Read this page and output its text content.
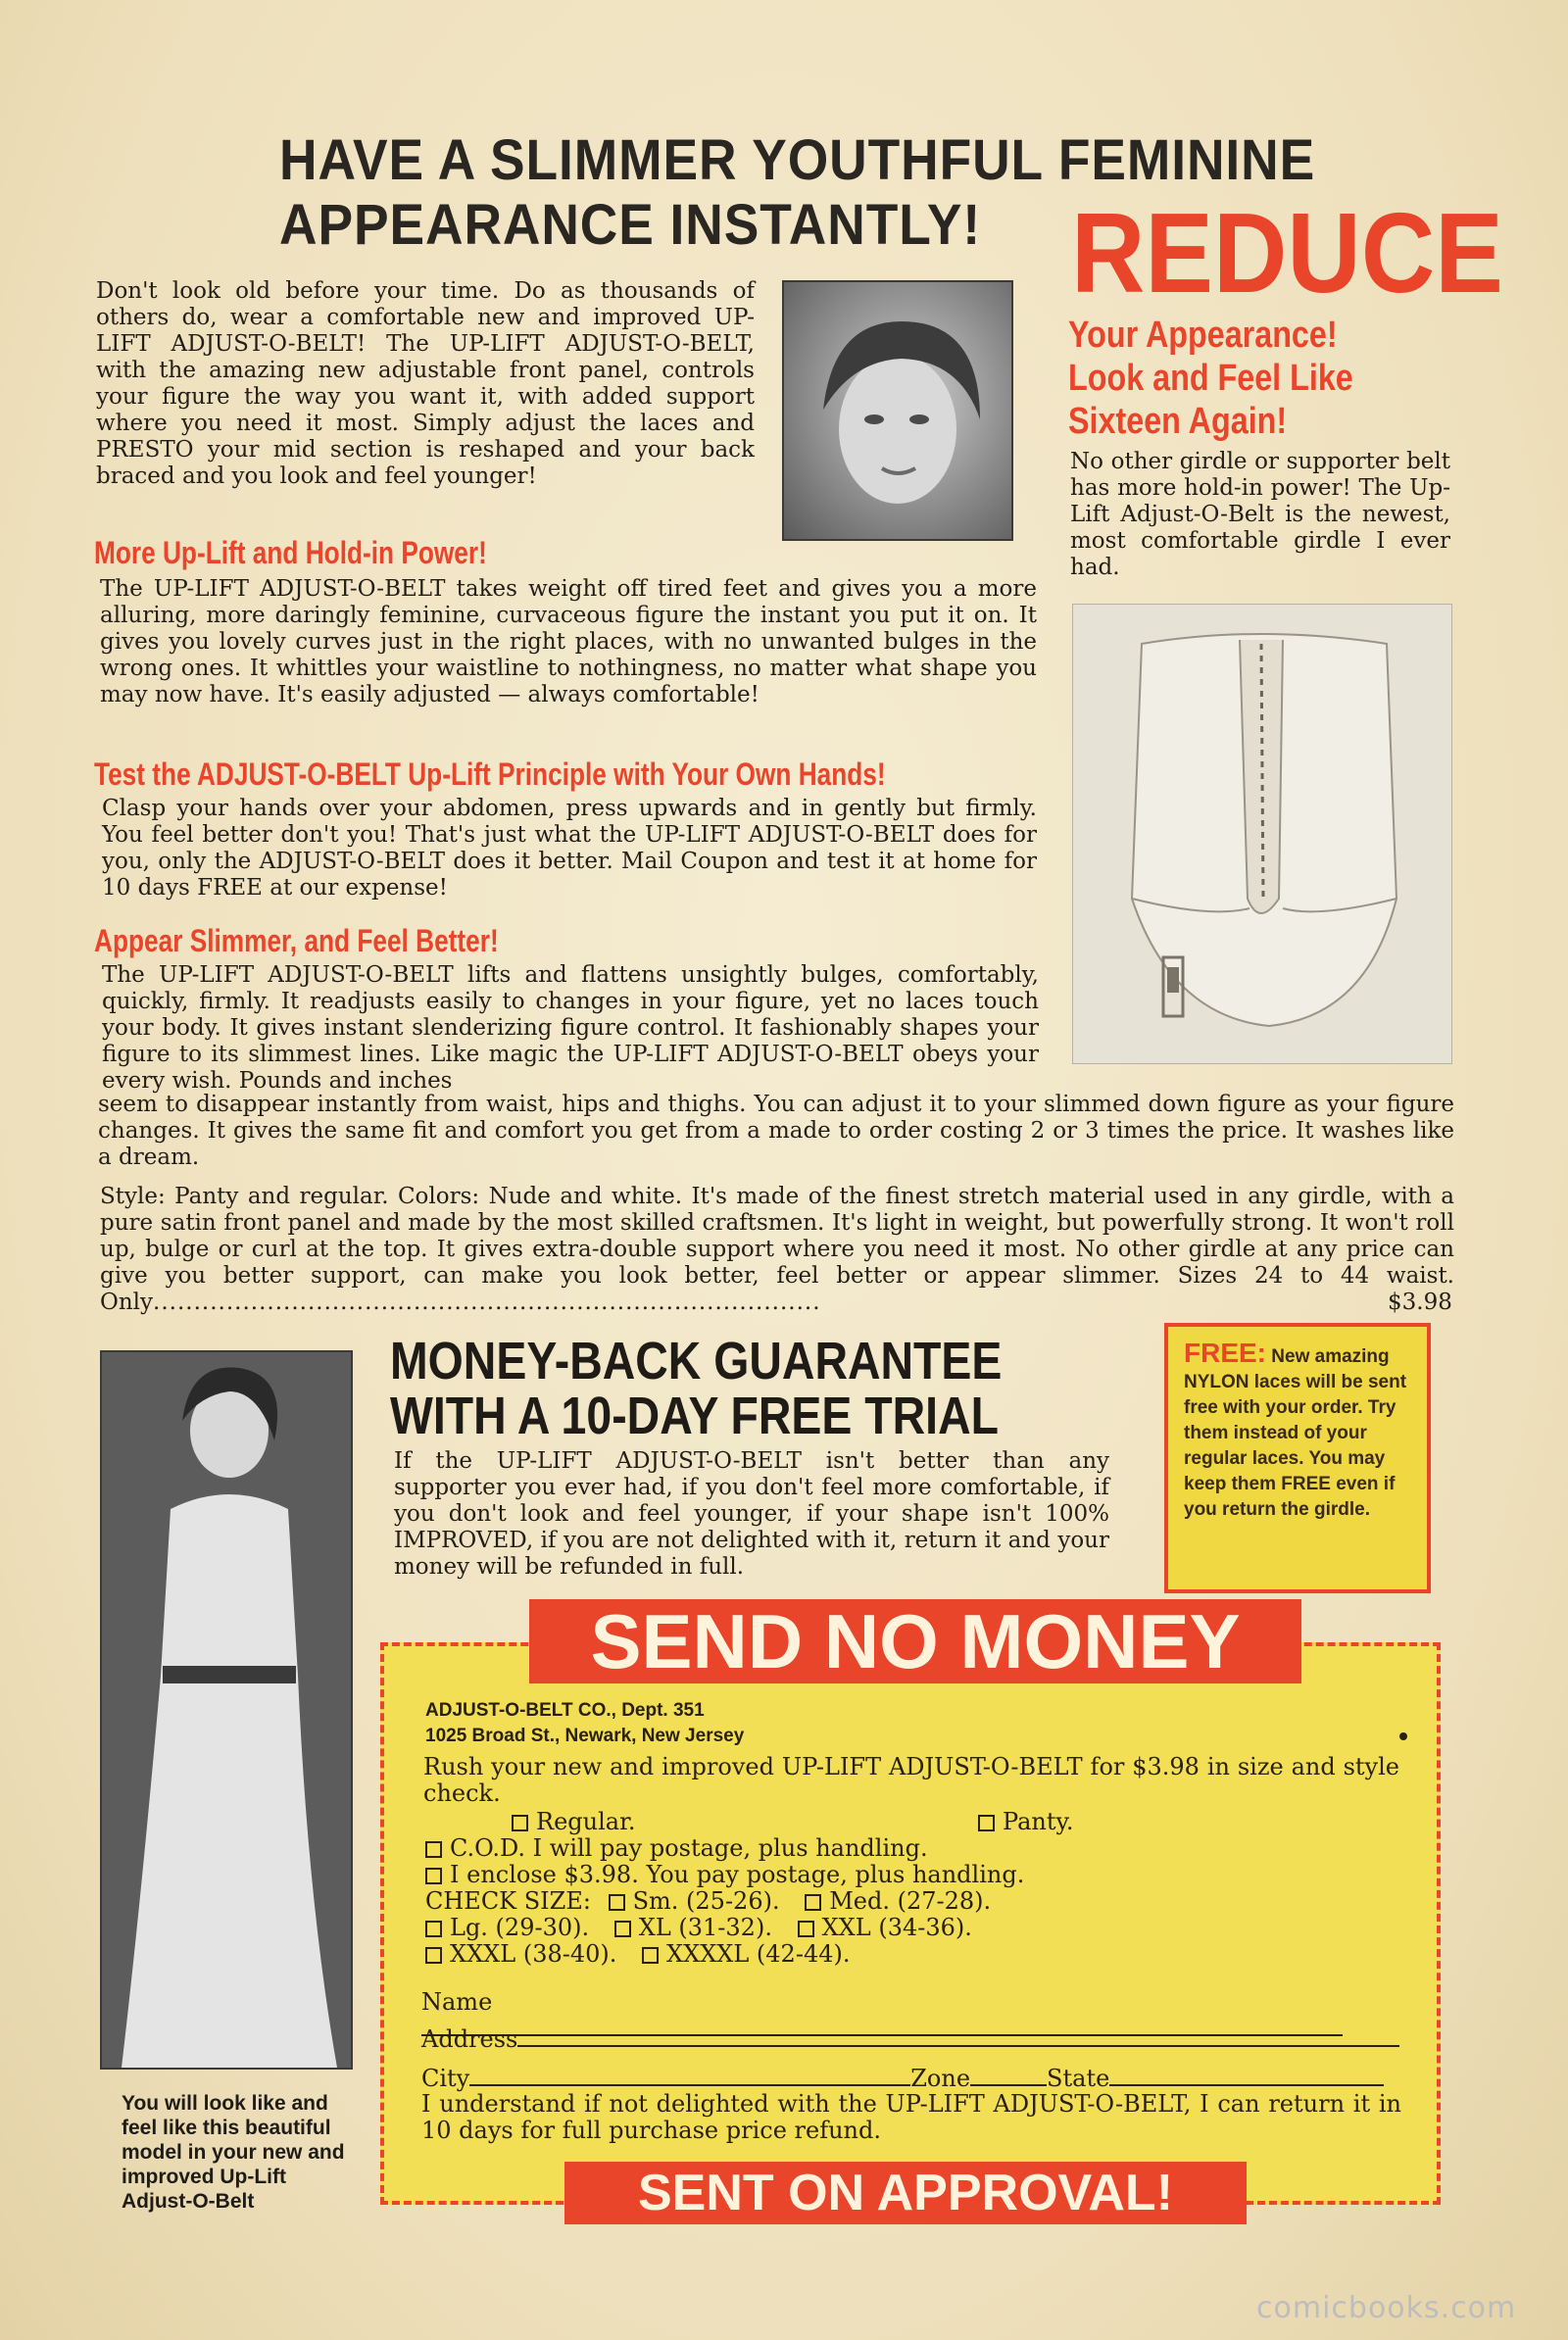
HAVE A SLIMMER YOUTHFUL FEMININE
APPEARANCE INSTANTLY! REDUCE
Your Appearance!
Look and Feel Like
Sixteen Again!
No other girdle or supporter belt has more hold-in power! The Up-Lift Adjust-O-Belt is the newest, most comfortable girdle I ever had.
Don't look old before your time. Do as thousands of others do, wear a comfortable new and improved UP-LIFT ADJUST-O-BELT! The UP-LIFT ADJUST-O-BELT, with the amazing new adjustable front panel, controls your figure the way you want it, with added support where you need it most. Simply adjust the laces and PRESTO your mid section is reshaped and your back braced and you look and feel younger!
More Up-Lift and Hold-in Power!
The UP-LIFT ADJUST-O-BELT takes weight off tired feet and gives you a more alluring, more daringly feminine, curvaceous figure the instant you put it on. It gives you lovely curves just in the right places, with no unwanted bulges in the wrong ones. It whittles your waistline to nothingness, no matter what shape you may now have. It's easily adjusted — always comfortable!
Test the ADJUST-O-BELT Up-Lift Principle with Your Own Hands!
Clasp your hands over your abdomen, press upwards and in gently but firmly. You feel better don't you! That's just what the UP-LIFT ADJUST-O-BELT does for you, only the ADJUST-O-BELT does it better. Mail Coupon and test it at home for 10 days FREE at our expense!
Appear Slimmer, and Feel Better!
The UP-LIFT ADJUST-O-BELT lifts and flattens unsightly bulges, comfortably, quickly, firmly. It readjusts easily to changes in your figure, yet no laces touch your body. It gives instant slenderizing figure control. It fashionably shapes your figure to its slimmest lines. Like magic the UP-LIFT ADJUST-O-BELT obeys your every wish. Pounds and inches
seem to disappear instantly from waist, hips and thighs. You can adjust it to your slimmed down figure as your figure changes. It gives the same fit and comfort you get from a made to order costing 2 or 3 times the price. It washes like a dream.
Style: Panty and regular. Colors: Nude and white. It's made of the finest stretch material used in any girdle, with a pure satin front panel and made by the most skilled craftsmen. It's light in weight, but powerfully strong. It won't roll up, bulge or curl at the top. It gives extra-double support where you need it most. No other girdle at any price can give you better support, can make you look better, feel better or appear slimmer. Sizes 24 to 44 waist. Only..................................................................................	$3.98
You will look like and feel like this beautiful model in your new and improved Up-Lift Adjust-O-Belt
MONEY-BACK GUARANTEE
WITH A 10-DAY FREE TRIAL
If the UP-LIFT ADJUST-O-BELT isn't better than any supporter you ever had, if you don't feel more comfortable, if you don't look and feel younger, if your shape isn't 100% IMPROVED, if you are not delighted with it, return it and your money will be refunded in full.
FREE: New amazing NYLON laces will be sent free with your order. Try them instead of your regular laces. You may keep them FREE even if you return the girdle.
SEND NO MONEY
ADJUST-O-BELT CO., Dept. 351
1025 Broad St., Newark, New Jersey
Rush your new and improved UP-LIFT ADJUST-O-BELT for $3.98 in size and style check.
Regular.	Panty.
C.O.D. I will pay postage, plus handling.
I enclose $3.98. You pay postage, plus handling.
CHECK SIZE: Sm. (25-26). Med. (27-28).
Lg. (29-30). XL (31-32). XXL (34-36).
XXXL (38-40). XXXXL (42-44).
Name
Address
City	Zone	State
I understand if not delighted with the UP-LIFT ADJUST-O-BELT, I can return it in 10 days for full purchase price refund.
SENT ON APPROVAL!
comicbooks.com
